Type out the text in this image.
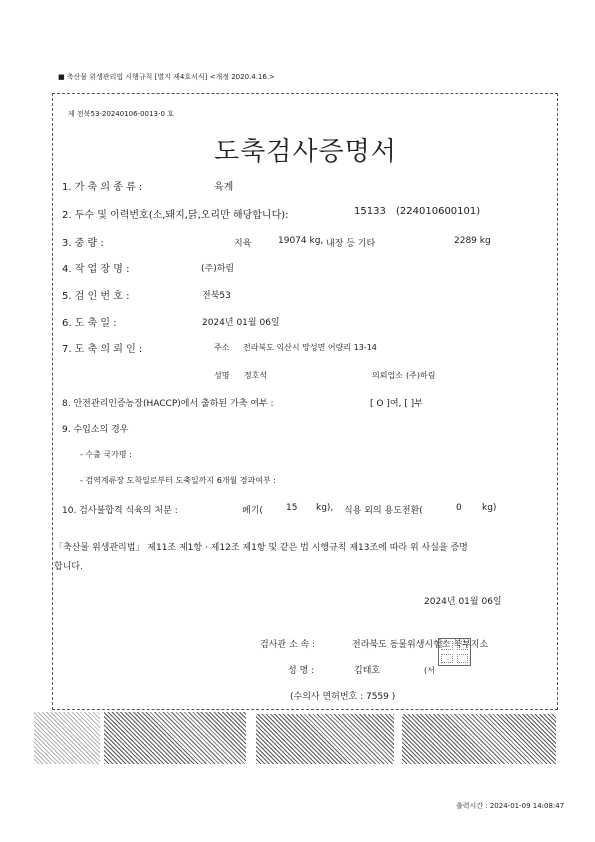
■ 축산물 위생관리법 시행규칙 [별지 제4호서식] <개정 2020.4.16.>
제 전북53-20240106-0013-0 호
도축검사증명서
1. 가 축 의 종 류 :	육계
2. 두수 및 이력번호(소,돼지,닭,오리만 해당합니다):	15133 (224010600101)
3. 중 량 :	지육	19074 kg, 내장 등 기타	2289 kg
4. 작 업 장 명 :	(주)하림
5. 검 인 번 호 :	전북53
6. 도 축 일 :	2024년 01월 06일
7. 도 축 의 뢰 인 :	주소 전라북도 익산시 망성면 어량리 13-14
성명 정호석	의뢰업소 (주)하림
8. 안전관리인증농장(HACCP)에서 출하된 가축 여부 :	[ O ]여, [ ]부
9. 수입소의 경우
- 수출 국가명 :
- 검역계류장 도착일로부터 도축일까지 6개월 경과여부 :
10. 검사불합격 식육의 처분 :	폐기(	15 kg), 식용 외의 용도전환(	0 kg)
「축산물 위생관리법」 제11조 제1항 · 제12조 제1항 및 같은 법 시행규칙 제13조에 따라 위 사실을 증명
합니다.
2024년 01월 06일
검사관 소 속 :	전라북도 동물위생시험소 북부지소
성 명 :	김태호	(서
(수의사 면허번호 : 7559 )
출력시간 : 2024-01-09 14:08:47
